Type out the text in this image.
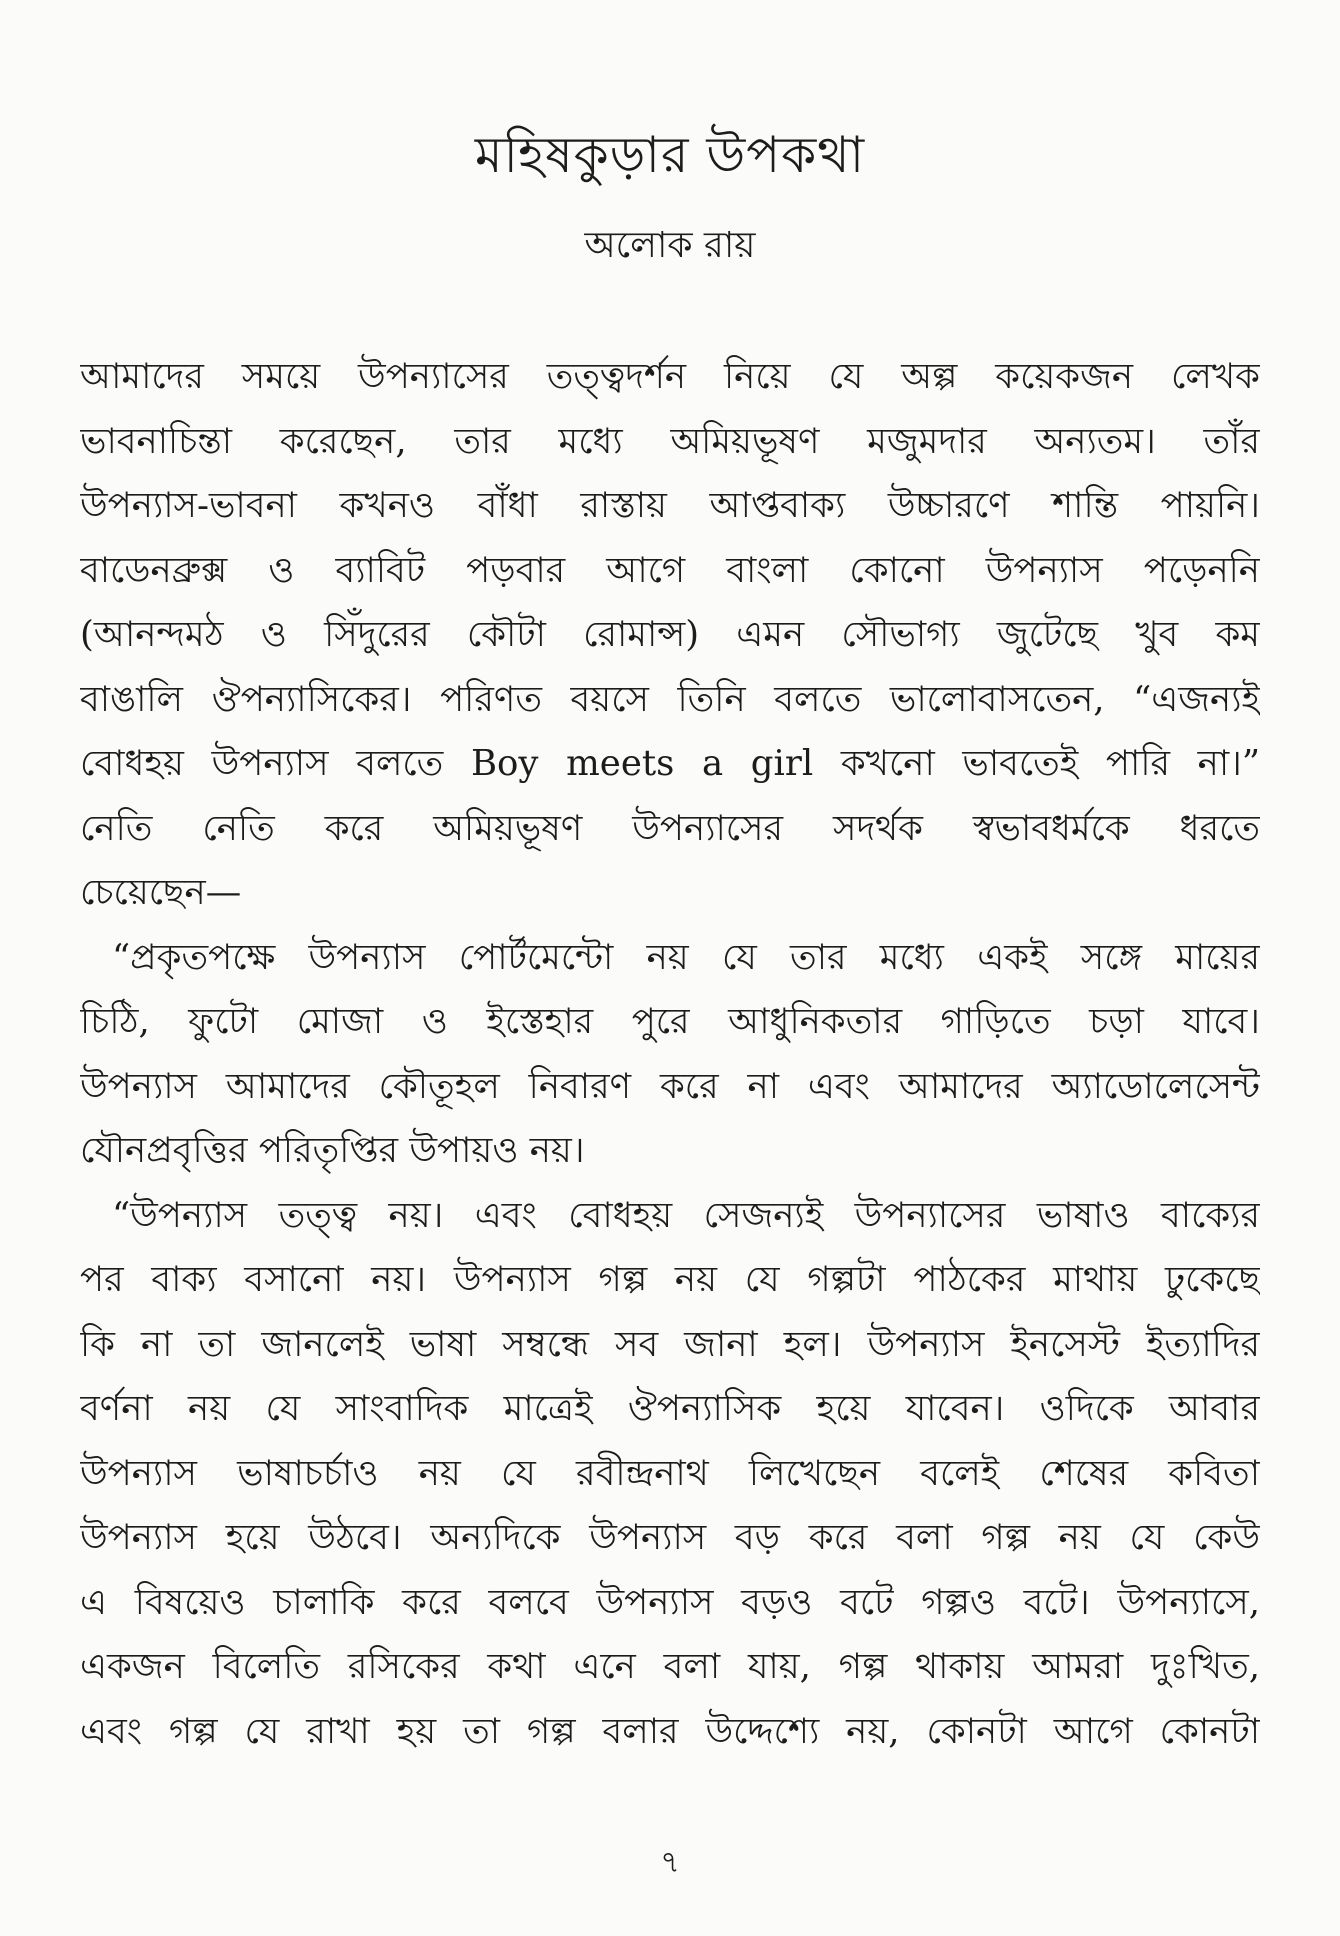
মহিষকুড়ার উপকথা
অলোক রায়
আমাদের সময়ে উপন্যাসের তত্ত্বদর্শন নিয়ে যে অল্প কয়েকজন লেখক
ভাবনাচিন্তা করেছেন, তার মধ্যে অমিয়ভূষণ মজুমদার অন্যতম। তাঁর
উপন্যাস-ভাবনা কখনও বাঁধা রাস্তায় আপ্তবাক্য উচ্চারণে শান্তি পায়নি।
বাডেনব্রুক্স ও ব্যাবিট পড়বার আগে বাংলা কোনো উপন্যাস পড়েননি
(আনন্দমঠ ও সিঁদুরের কৌটা রোমান্স) এমন সৌভাগ্য জুটেছে খুব কম
বাঙালি ঔপন্যাসিকের। পরিণত বয়সে তিনি বলতে ভালোবাসতেন, “এজন্যই
বোধহয় উপন্যাস বলতে Boy meets a girl কখনো ভাবতেই পারি না।”
নেতি নেতি করে অমিয়ভূষণ উপন্যাসের সদর্থক স্বভাবধর্মকে ধরতে
চেয়েছেন—
“প্রকৃতপক্ষে উপন্যাস পোর্টমেন্টো নয় যে তার মধ্যে একই সঙ্গে মায়ের
চিঠি, ফুটো মোজা ও ইস্তেহার পুরে আধুনিকতার গাড়িতে চড়া যাবে।
উপন্যাস আমাদের কৌতূহল নিবারণ করে না এবং আমাদের অ্যাডোলেসেন্ট
যৌনপ্রবৃত্তির পরিতৃপ্তির উপায়ও নয়।
“উপন্যাস তত্ত্ব নয়। এবং বোধহয় সেজন্যই উপন্যাসের ভাষাও বাক্যের
পর বাক্য বসানো নয়। উপন্যাস গল্প নয় যে গল্পটা পাঠকের মাথায় ঢুকেছে
কি না তা জানলেই ভাষা সম্বন্ধে সব জানা হল। উপন্যাস ইনসেস্ট ইত্যাদির
বর্ণনা নয় যে সাংবাদিক মাত্রেই ঔপন্যাসিক হয়ে যাবেন। ওদিকে আবার
উপন্যাস ভাষাচর্চাও নয় যে রবীন্দ্রনাথ লিখেছেন বলেই শেষের কবিতা
উপন্যাস হয়ে উঠবে। অন্যদিকে উপন্যাস বড় করে বলা গল্প নয় যে কেউ
এ বিষয়েও চালাকি করে বলবে উপন্যাস বড়ও বটে গল্পও বটে। উপন্যাসে,
একজন বিলেতি রসিকের কথা এনে বলা যায়, গল্প থাকায় আমরা দুঃখিত,
এবং গল্প যে রাখা হয় তা গল্প বলার উদ্দেশ্যে নয়, কোনটা আগে কোনটা
৭
